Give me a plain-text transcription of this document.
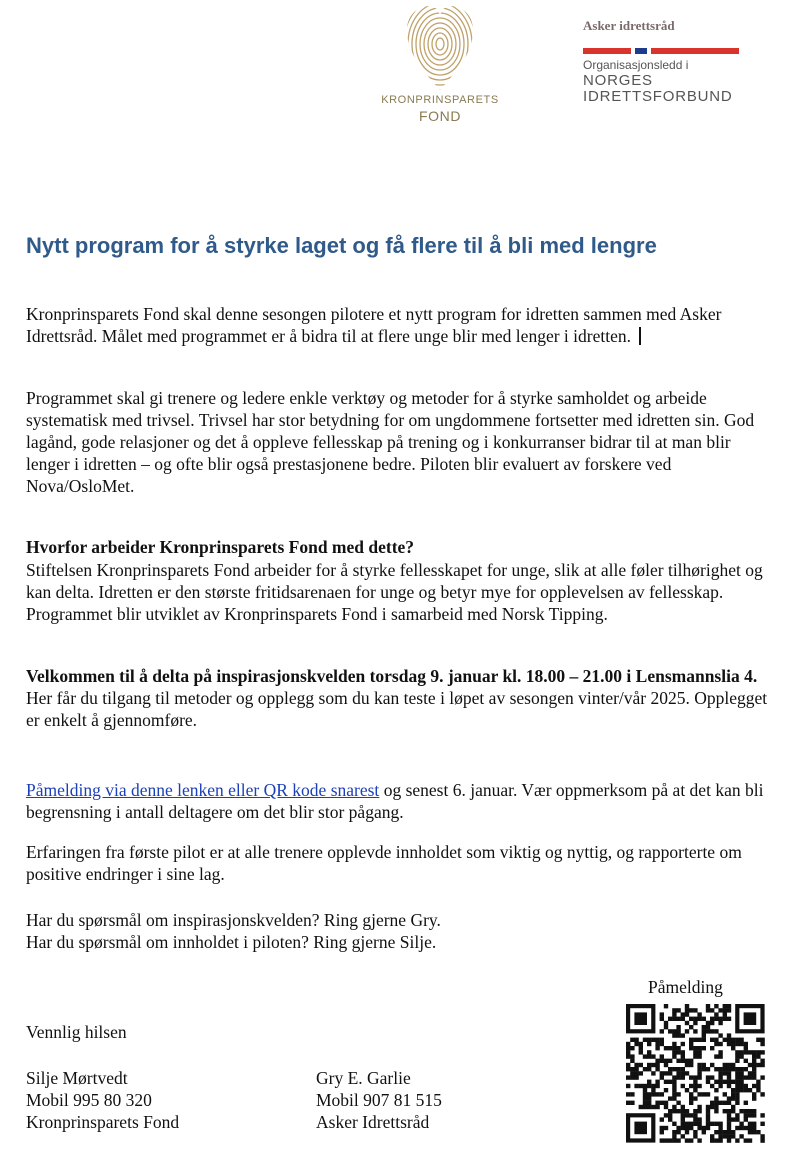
KRONPRINSPARETS
FOND
Asker idrettsråd
Organisasjonsledd i
NORGES
IDRETTSFORBUND
Nytt program for å styrke laget og få flere til å bli med lengre
Kronprinsparets Fond skal denne sesongen pilotere et nytt program for idretten sammen med Asker Idrettsråd. Målet med programmet er å bidra til at flere unge blir med lenger i idretten.

Programmet skal gi trenere og ledere enkle verktøy og metoder for å styrke samholdet og arbeide systematisk med trivsel. Trivsel har stor betydning for om ungdommene fortsetter med idretten sin. God lagånd, gode relasjoner og det å oppleve fellesskap på trening og i konkurranser bidrar til at man blir lenger i idretten – og ofte blir også prestasjonene bedre. Piloten blir evaluert av forskere ved Nova/OsloMet.

Hvorfor arbeider Kronprinsparets Fond med dette?

Stiftelsen Kronprinsparets Fond arbeider for å styrke fellesskapet for unge, slik at alle føler tilhørighet og kan delta. Idretten er den største fritidsarenaen for unge og betyr mye for opplevelsen av fellesskap. Programmet blir utviklet av Kronprinsparets Fond i samarbeid med Norsk Tipping.

Velkommen til å delta på inspirasjonskvelden torsdag 9. januar kl. 18.00 – 21.00 i Lensmannslia 4.  Her får du tilgang til metoder og opplegg som du kan teste i løpet av sesongen vinter/vår 2025. Opplegget er enkelt å gjennomføre.
Påmelding via denne lenken eller QR kode snarest og senest 6. januar. Vær oppmerksom på at det kan bli begrensning i antall deltagere om det blir stor pågang.

Erfaringen fra første pilot er at alle trenere opplevde innholdet som viktig og nyttig, og rapporterte om positive endringer i sine lag.

Har du spørsmål om inspirasjonskvelden? Ring gjerne Gry.

Har du spørsmål om innholdet i piloten? Ring gjerne Silje.

Påmelding

Vennlig hilsen

Silje Mørtvedt
Mobil 995 80 320
Kronprinsparets Fond
Gry E. Garlie
Mobil 907 81 515
Asker Idrettsråd
